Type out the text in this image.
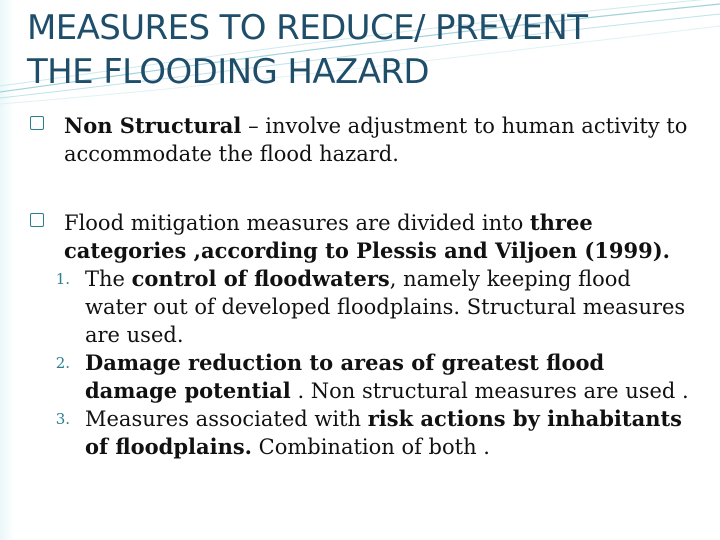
MEASURES TO REDUCE/ PREVENT
THE FLOODING HAZARD

Non Structural – involve adjustment to human activity to accommodate the flood hazard.

Flood mitigation measures are divided into three categories ,according to Plessis and Viljoen (1999).

1. The control of floodwaters, namely keeping flood water out of developed floodplains. Structural measures are used.

2. Damage reduction to areas of greatest flood damage potential . Non structural measures are used .

3. Measures associated with risk actions by inhabitants of floodplains. Combination of both .
